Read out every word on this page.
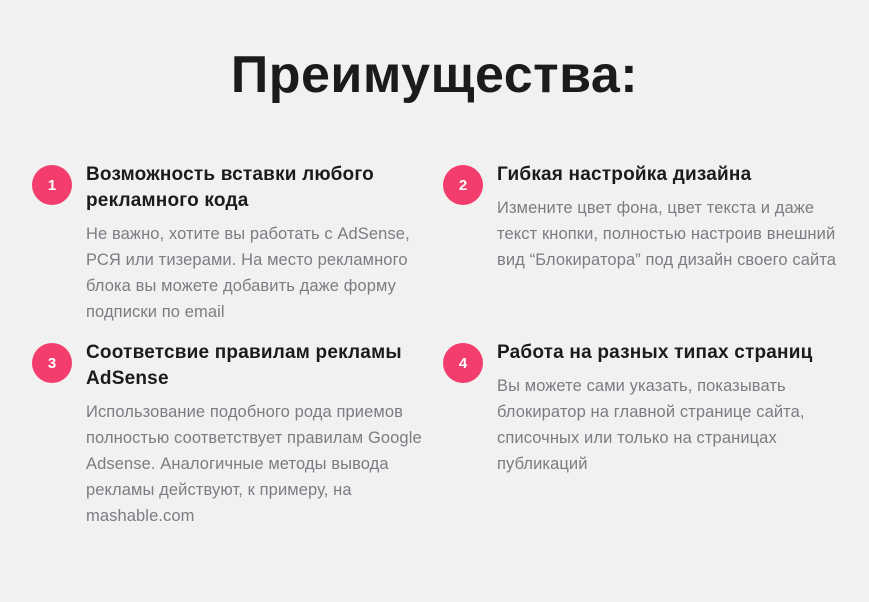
Преимущества:
1	Возможность вставки любого рекламного кода

Не важно, хотите вы работать с AdSense, РСЯ или тизерами. На место рекламного блока вы можете добавить даже форму подписки по email

2	Гибкая настройка дизайна

Измените цвет фона, цвет текста и даже текст кнопки, полностью настроив внешний вид “Блокиратора” под дизайн своего сайта

3	Соответсвие правилам рекламы AdSense

Использование подобного рода приемов полностью соответствует правилам Google Adsense. Аналогичные методы вывода рекламы действуют, к примеру, на mashable.com

4	Работа на разных типах страниц

Вы можете сами указать, показывать блокиратор на главной странице сайта, списочных или только на страницах публикаций
